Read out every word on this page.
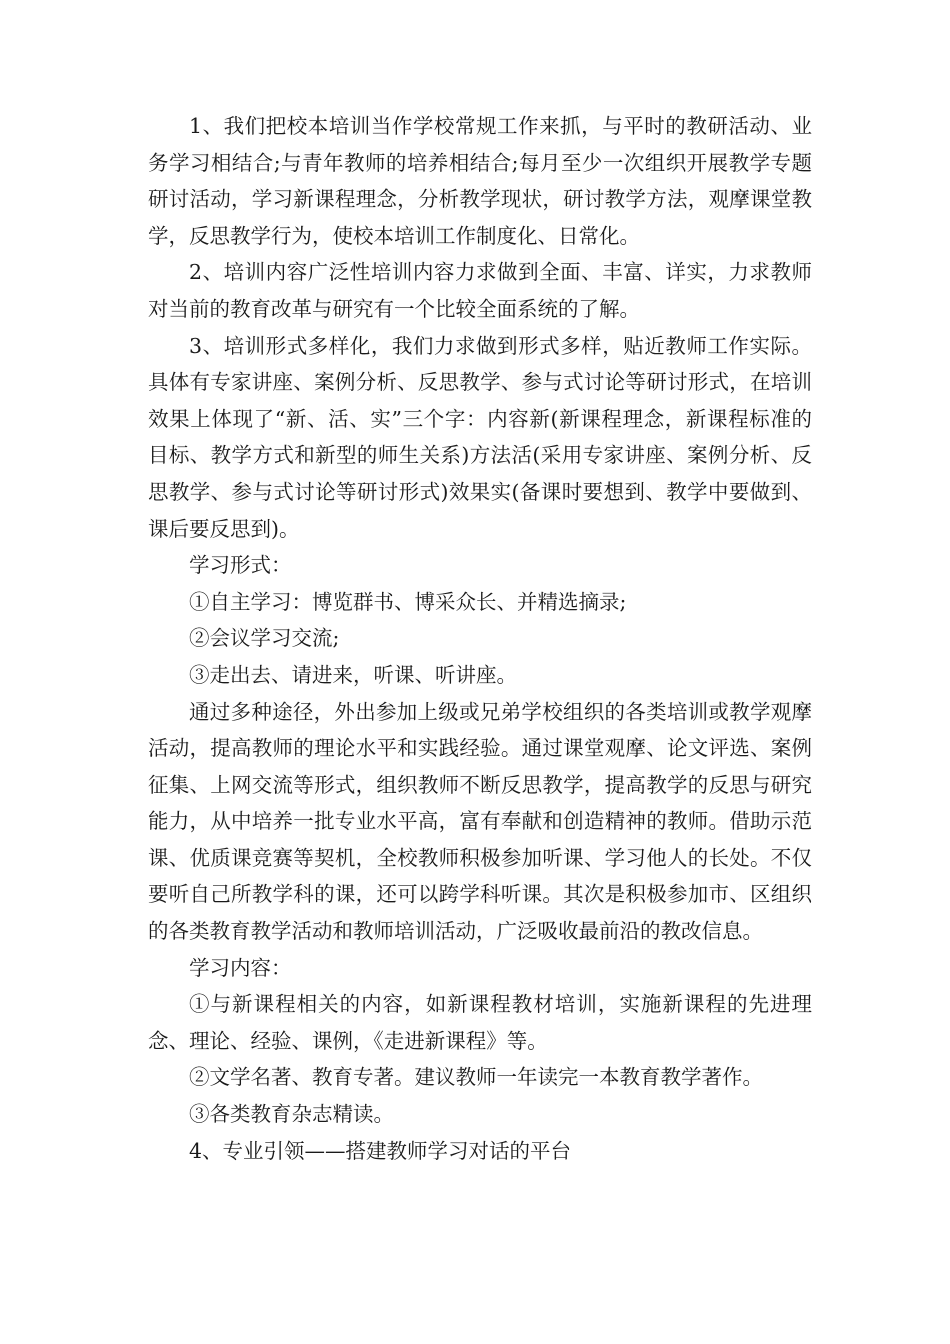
1、我们把校本培训当作学校常规工作来抓，与平时的教研活动、业务学习相结合;与青年教师的培养相结合;每月至少一次组织开展教学专题研讨活动，学习新课程理念，分析教学现状，研讨教学方法，观摩课堂教学，反思教学行为，使校本培训工作制度化、日常化。

2、培训内容广泛性培训内容力求做到全面、丰富、详实，力求教师对当前的教育改革与研究有一个比较全面系统的了解。

3、培训形式多样化，我们力求做到形式多样，贴近教师工作实际。具体有专家讲座、案例分析、反思教学、参与式讨论等研讨形式，在培训效果上体现了“新、活、实”三个字：内容新(新课程理念，新课程标准的目标、教学方式和新型的师生关系)方法活(采用专家讲座、案例分析、反思教学、参与式讨论等研讨形式)效果实(备课时要想到、教学中要做到、课后要反思到)。

学习形式：

①自主学习：博览群书、博采众长、并精选摘录;

②会议学习交流;

③走出去、请进来，听课、听讲座。

通过多种途径，外出参加上级或兄弟学校组织的各类培训或教学观摩活动，提高教师的理论水平和实践经验。通过课堂观摩、论文评选、案例征集、上网交流等形式，组织教师不断反思教学，提高教学的反思与研究能力，从中培养一批专业水平高，富有奉献和创造精神的教师。借助示范课、优质课竞赛等契机，全校教师积极参加听课、学习他人的长处。不仅要听自己所教学科的课，还可以跨学科听课。其次是积极参加市、区组织的各类教育教学活动和教师培训活动，广泛吸收最前沿的教改信息。

学习内容：

①与新课程相关的内容，如新课程教材培训，实施新课程的先进理念、理论、经验、课例，《走进新课程》等。

②文学名著、教育专著。建议教师一年读完一本教育教学著作。

③各类教育杂志精读。

4、专业引领——搭建教师学习对话的平台
